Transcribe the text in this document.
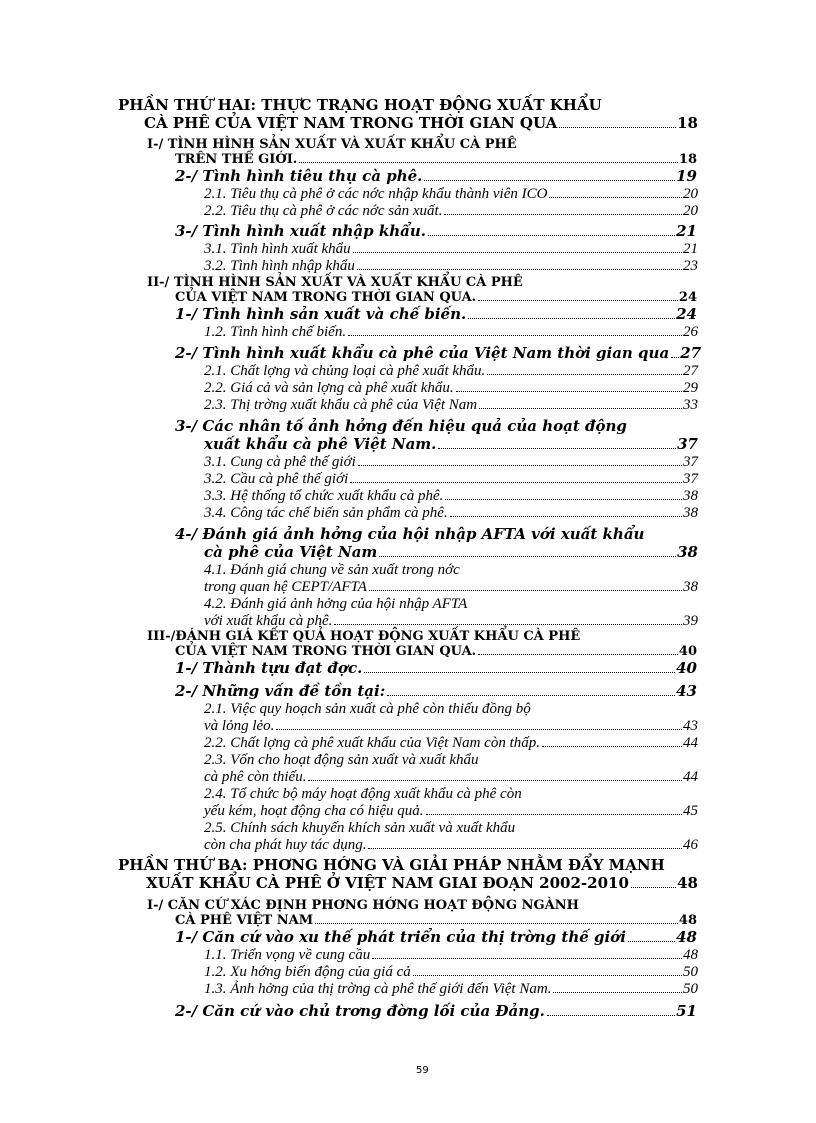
PHẦN THỨ HAI: THỰC TRẠNG HOẠT ĐỘNG XUẤT KHẨU
CÀ PHÊ CỦA VIỆT NAM TRONG THỜI GIAN QUA	18
I-/ TÌNH HÌNH SẢN XUẤT VÀ XUẤT KHẨU CÀ PHÊ
TRÊN THẾ GIỚI.	18
2-/ Tình hình tiêu thụ cà phê.	19
2.1. Tiêu thụ cà phê ở các nớc nhập khẩu thành viên ICO	20
2.2. Tiêu thụ cà phê ở các nớc sản xuất.	20
3-/ Tình hình xuất nhập khẩu.	21
3.1. Tình hình xuất khẩu	21
3.2. Tình hình nhập khẩu	23
II-/ TÌNH HÌNH SẢN XUẤT VÀ XUẤT KHẨU CÀ PHÊ
CỦA VIỆT NAM TRONG THỜI GIAN QUA.	24
1-/ Tình hình sản xuất và chế biến.	24
1.2. Tình hình chế biến.	26
2-/ Tình hình xuất khẩu cà phê của Việt Nam thời gian qua 27
2.1. Chất lợng và chủng loại cà phê xuất khẩu.	27
2.2. Giá cả và sản lợng cà phê xuất khẩu.	29
2.3. Thị trờng xuất khẩu cà phê của Việt Nam	33
3-/ Các nhân tố ảnh hởng đến hiệu quả của hoạt động
xuất khẩu cà phê Việt Nam.	37
3.1. Cung cà phê thế giới	37
3.2. Cầu cà phê thế giới	37
3.3. Hệ thống tổ chức xuất khẩu cà phê.	38
3.4. Công tác chế biến sản phẩm cà phê.	38
4-/ Đánh giá ảnh hởng của hội nhập AFTA với xuất khẩu
cà phê của Việt Nam	38
4.1. Đánh giá chung về sản xuất trong nớc
trong quan hệ CEPT/AFTA	38
4.2. Đánh giá ảnh hởng của hội nhập AFTA
với xuất khẩu cà phê.	39
III-/ĐÁNH GIÁ KẾT QUẢ HOẠT ĐỘNG XUẤT KHẨU CÀ PHÊ
CỦA VIỆT NAM TRONG THỜI GIAN QUA.	40
1-/ Thành tựu đạt đợc.	40
2-/ Những vấn đề tồn tại:	43
2.1. Việc quy hoạch sản xuất cà phê còn thiếu đồng bộ
và lỏng lẻo.	43
2.2. Chất lợng cà phê xuất khẩu của Việt Nam còn thấp.	44
2.3. Vốn cho hoạt động sản xuất và xuất khẩu
cà phê còn thiếu.	44
2.4. Tổ chức bộ máy hoạt động xuất khẩu cà phê còn
yếu kém, hoạt động cha có hiệu quả.	45
2.5. Chính sách khuyến khích sản xuất và xuất khẩu
còn cha phát huy tác dụng.	46
PHẦN THỨ BA: PHƠNG HỚNG VÀ GIẢI PHÁP NHẰM ĐẨY MẠNH
XUẤT KHẨU CÀ PHÊ Ở VIỆT NAM GIAI ĐOẠN 2002-2010	48
I-/ CĂN CỨ XÁC ĐỊNH PHƠNG HỚNG HOẠT ĐỘNG NGÀNH
CÀ PHÊ VIỆT NAM	48
1-/ Căn cứ vào xu thế phát triển của thị trờng thế giới	48
1.1. Triển vọng về cung cầu	48
1.2. Xu hớng biến động của giá cả	50
1.3. Ảnh hởng của thị trờng cà phê thế giới đến Việt Nam.	50
2-/ Căn cứ vào chủ trơng đờng lối của Đảng.	51
59
